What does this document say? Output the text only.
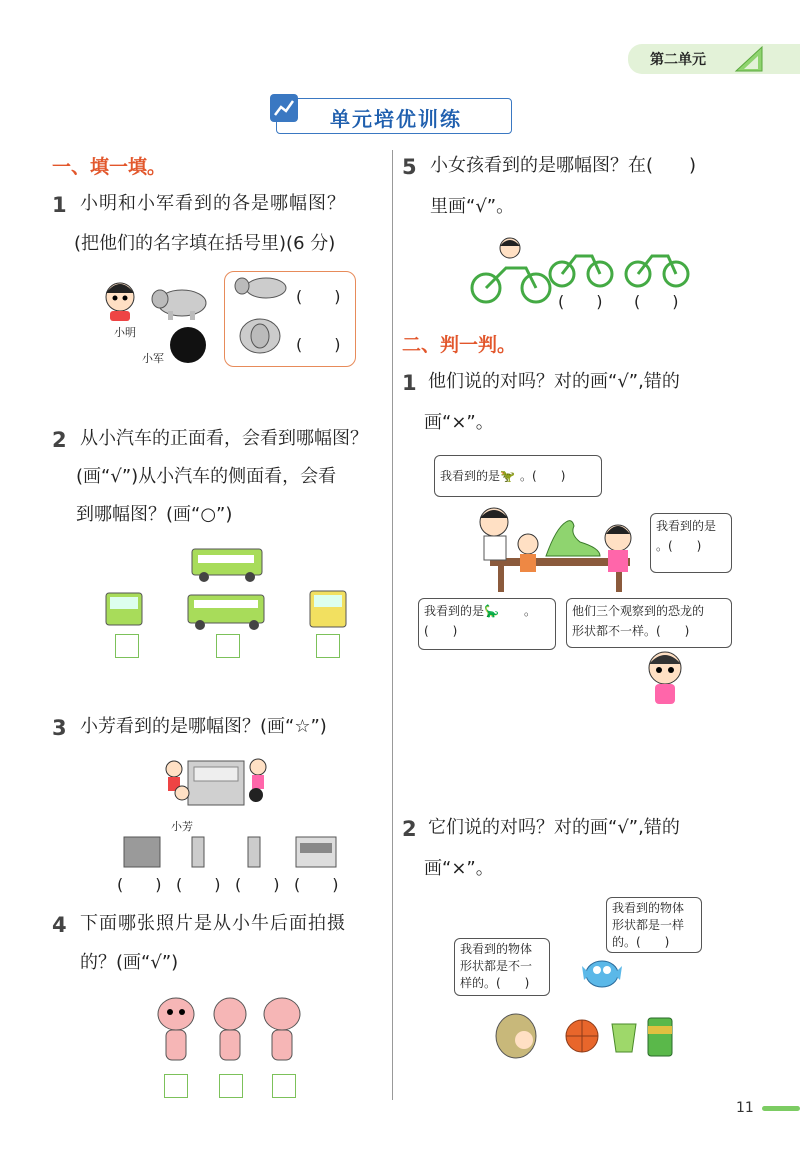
第二单元
单元培优训练
一、填一填。
1 小明和小军看到的各是哪幅图？
(把他们的名字填在括号里)(6 分)
小明
小军
(　　)
(　　)
2 从小汽车的正面看，会看到哪幅图？
(画“√”)从小汽车的侧面看，会看
到哪幅图？(画“○”)
3 小芳看到的是哪幅图？(画“☆”)
小芳
(　　) (　　) (　　) (　　)
4 下面哪张照片是从小牛后面拍摄
的？(画“√”)
5 小女孩看到的是哪幅图？在(　　)
里画“√”。
(　　) (　　)
二、判一判。
1 他们说的对吗？对的画“√”,错的
画“×”。
我看到的是🦖 。(　　)
我看到的是
。(　　)
我看到的是🦕 。
(　　)
他们三个观察到的恐龙的
形状都不一样。(　　)
2 它们说的对吗？对的画“√”,错的
画“×”。
我看到的物体
形状都是一样
的。(　　)
我看到的物体
形状都是不一
样的。(　　)
11
